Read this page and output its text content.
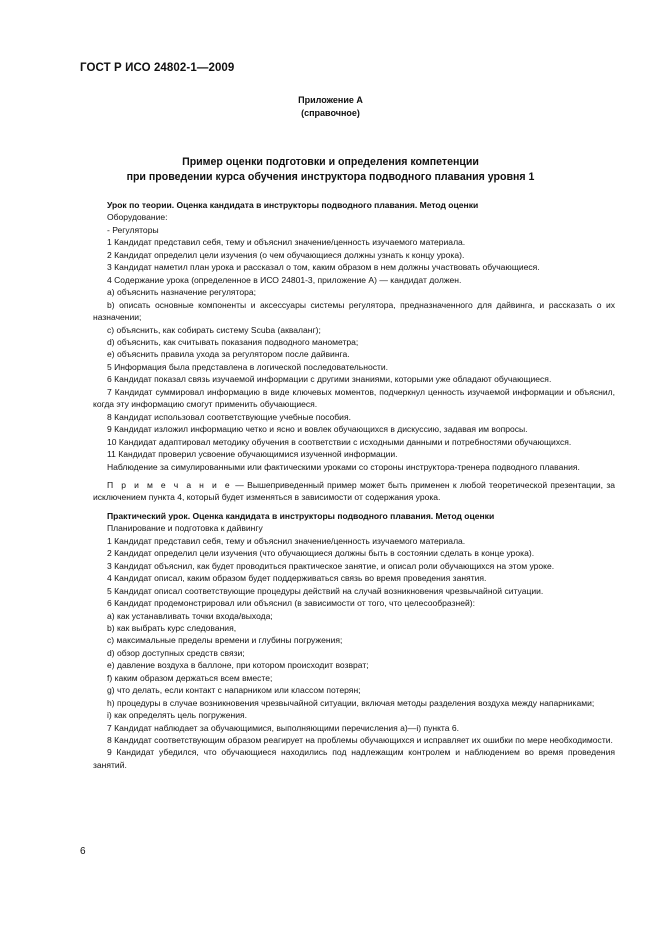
ГОСТ Р ИСО 24802-1—2009
Приложение А
(справочное)
Пример оценки подготовки и определения компетенции
при проведении курса обучения инструктора подводного плавания уровня 1

Урок по теории. Оценка кандидата в инструкторы подводного плавания. Метод оценки

Оборудование:

- Регуляторы

1 Кандидат представил себя, тему и объяснил значение/ценность изучаемого материала.

2 Кандидат определил цели изучения (о чем обучающиеся должны узнать к концу урока).

3 Кандидат наметил план урока и рассказал о том, каким образом в нем должны участвовать обучающиеся.

4 Содержание урока (определенное в ИСО 24801-3, приложение А) — кандидат должен.

a) объяснить назначение регулятора;

b) описать основные компоненты и аксессуары системы регулятора, предназначенного для дайвинга, и рассказать о их назначении;

c) объяснить, как собирать систему Scuba (акваланг);

d) объяснить, как считывать показания подводного манометра;

e) объяснить правила ухода за регулятором после дайвинга.

5 Информация была представлена в логической последовательности.

6 Кандидат показал связь изучаемой информации с другими знаниями, которыми уже обладают обучающиеся.

7 Кандидат суммировал информацию в виде ключевых моментов, подчеркнул ценность изучаемой информации и объяснил, когда эту информацию смогут применить обучающиеся.

8 Кандидат использовал соответствующие учебные пособия.

9 Кандидат изложил информацию четко и ясно и вовлек обучающихся в дискуссию, задавая им вопросы.

10 Кандидат адаптировал методику обучения в соответствии с исходными данными и потребностями обучающихся.

11 Кандидат проверил усвоение обучающимися изученной информации.

Наблюдение за симулированными или фактическими уроками со стороны инструктора-тренера подводного плавания.

П р и м е ч а н и е — Вышеприведенный пример может быть применен к любой теоретической презентации, за исключением пункта 4, который будет изменяться в зависимости от содержания урока.

Практический урок. Оценка кандидата в инструкторы подводного плавания. Метод оценки

Планирование и подготовка к дайвингу

1 Кандидат представил себя, тему и объяснил значение/ценность изучаемого материала.

2 Кандидат определил цели изучения (что обучающиеся должны быть в состоянии сделать в конце урока).

3 Кандидат объяснил, как будет проводиться практическое занятие, и описал роли обучающихся на этом уроке.

4 Кандидат описал, каким образом будет поддерживаться связь во время проведения занятия.

5 Кандидат описал соответствующие процедуры действий на случай возникновения чрезвычайной ситуации.

6 Кандидат продемонстрировал или объяснил (в зависимости от того, что целесообразней):

a) как устанавливать точки входа/выхода;

b) как выбрать курс следования,

c) максимальные пределы времени и глубины погружения;

d) обзор доступных средств связи;

e) давление воздуха в баллоне, при котором происходит возврат;

f) каким образом держаться всем вместе;

g) что делать, если контакт с напарником или классом потерян;

h) процедуры в случае возникновения чрезвычайной ситуации, включая методы разделения воздуха между напарниками;

i) как определять цель погружения.

7 Кандидат наблюдает за обучающимися, выполняющими перечисления a)—i) пункта 6.

8 Кандидат соответствующим образом реагирует на проблемы обучающихся и исправляет их ошибки по мере необходимости.

9 Кандидат убедился, что обучающиеся находились под надлежащим контролем и наблюдением во время проведения занятий.

6
